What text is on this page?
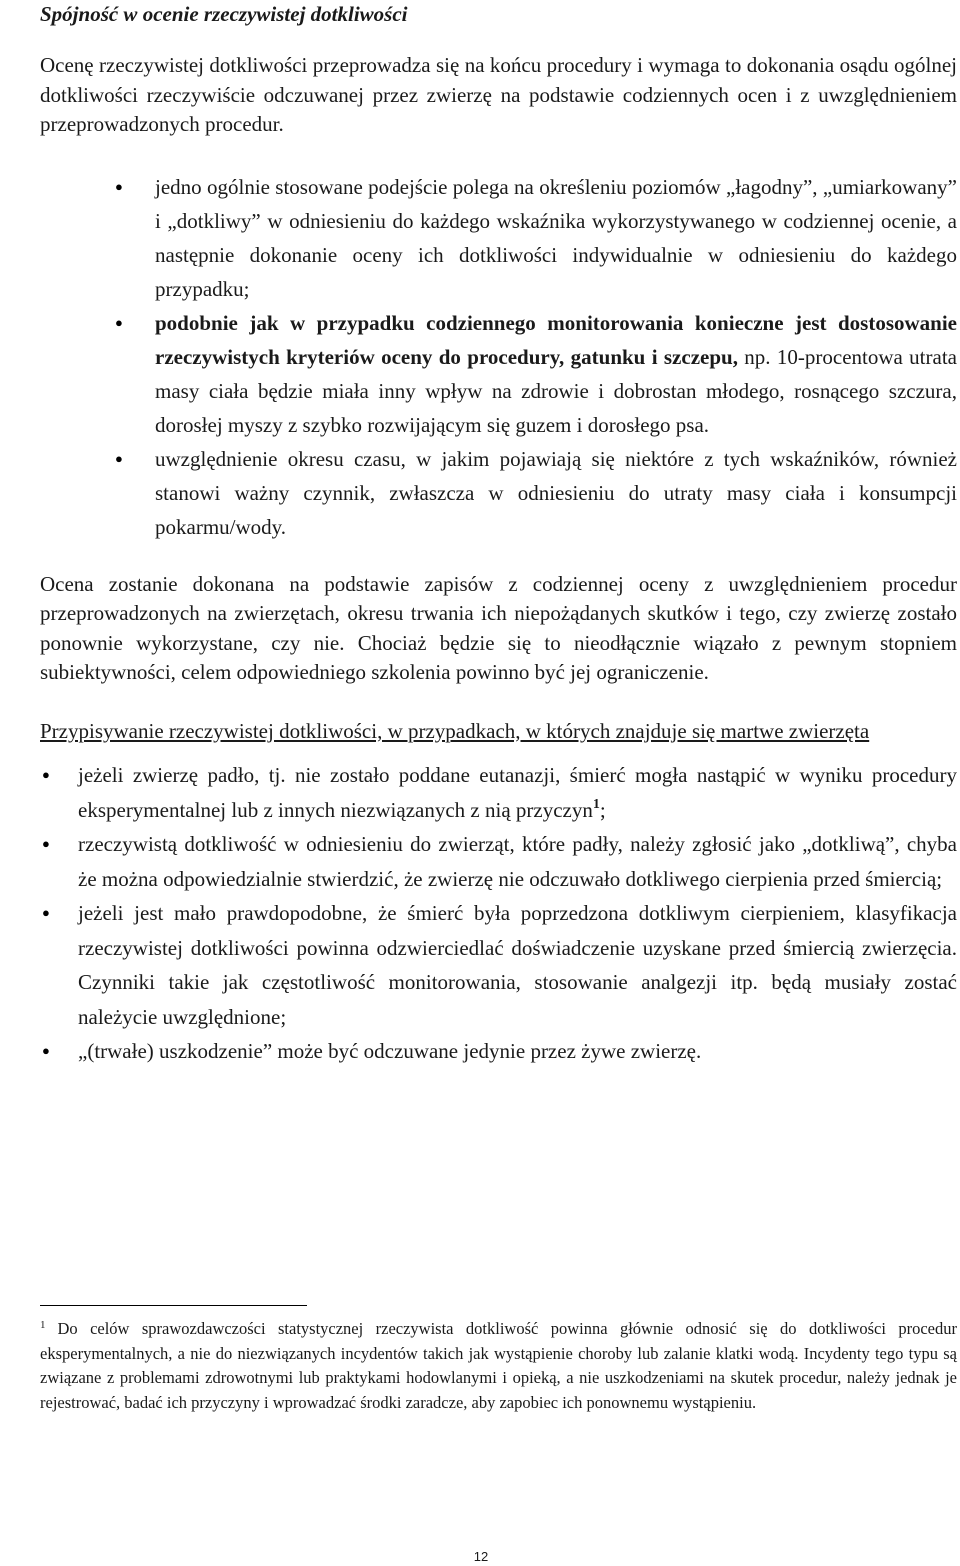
Spójność w ocenie rzeczywistej dotkliwości

Ocenę rzeczywistej dotkliwości przeprowadza się na końcu procedury i wymaga to dokonania osądu ogólnej dotkliwości rzeczywiście odczuwanej przez zwierzę na podstawie codziennych ocen i z uwzględnieniem przeprowadzonych procedur.

● jedno ogólnie stosowane podejście polega na określeniu poziomów „łagodny”, „umiarkowany” i „dotkliwy” w odniesieniu do każdego wskaźnika wykorzystywanego w codziennej ocenie, a następnie dokonanie oceny ich dotkliwości indywidualnie w odniesieniu do każdego przypadku;
● podobnie jak w przypadku codziennego monitorowania konieczne jest dostosowanie rzeczywistych kryteriów oceny do procedury, gatunku i szczepu, np. 10-procentowa utrata masy ciała będzie miała inny wpływ na zdrowie i dobrostan młodego, rosnącego szczura, dorosłej myszy z szybko rozwijającym się guzem i dorosłego psa.
● uwzględnienie okresu czasu, w jakim pojawiają się niektóre z tych wskaźników, również stanowi ważny czynnik, zwłaszcza w odniesieniu do utraty masy ciała i konsumpcji pokarmu/wody.

Ocena zostanie dokonana na podstawie zapisów z codziennej oceny z uwzględnieniem procedur przeprowadzonych na zwierzętach, okresu trwania ich niepożądanych skutków i tego, czy zwierzę zostało ponownie wykorzystane, czy nie. Chociaż będzie się to nieodłącznie wiązało z pewnym stopniem subiektywności, celem odpowiedniego szkolenia powinno być jej ograniczenie.

Przypisywanie rzeczywistej dotkliwości, w przypadkach, w których znajduje się martwe zwierzęta

● jeżeli zwierzę padło, tj. nie zostało poddane eutanazji, śmierć mogła nastąpić w wyniku procedury eksperymentalnej lub z innych niezwiązanych z nią przyczyn$^1$;
● rzeczywistą dotkliwość w odniesieniu do zwierząt, które padły, należy zgłosić jako „dotkliwą”, chyba że można odpowiedzialnie stwierdzić, że zwierzę nie odczuwało dotkliwego cierpienia przed śmiercią;
● jeżeli jest mało prawdopodobne, że śmierć była poprzedzona dotkliwym cierpieniem, klasyfikacja rzeczywistej dotkliwości powinna odzwierciedlać doświadczenie uzyskane przed śmiercią zwierzęcia. Czynniki takie jak częstotliwość monitorowania, stosowanie analgezji itp. będą musiały zostać należycie uwzględnione;
● „(trwałe) uszkodzenie” może być odczuwane jedynie przez żywe zwierzę.

$^1$ Do celów sprawozdawczości statystycznej rzeczywista dotkliwość powinna głównie odnosić się do dotkliwości procedur eksperymentalnych, a nie do niezwiązanych incydentów takich jak wystąpienie choroby lub zalanie klatki wodą. Incydenty tego typu są związane z problemami zdrowotnymi lub praktykami hodowlanymi i opieką, a nie uszkodzeniami na skutek procedur, należy jednak je rejestrować, badać ich przyczyny i wprowadzać środki zaradcze, aby zapobiec ich ponownemu wystąpieniu.

12
